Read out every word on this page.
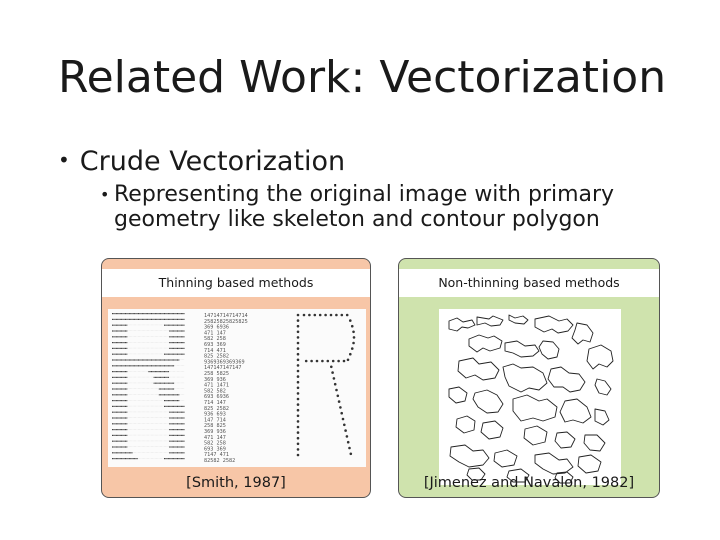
Related Work: Vectorization
• Crude Vectorization
• Representing the original image with primary geometry like skeleton and contour polygon
Thinning based methods
14714714714714
25825825825825
369 6936
471 147
582 258
693 369
714 471
825 2582
9369369369369
147147147147
258 5825
369 936
471 1471
582 582
693 6936
714 147
825 2582
936 693
147 714
258 825
369 936
471 147
582 258
693 369
7147 471
82582 2582
[Smith, 1987]
Non-thinning based methods
[Jimenez and Navalon, 1982]
